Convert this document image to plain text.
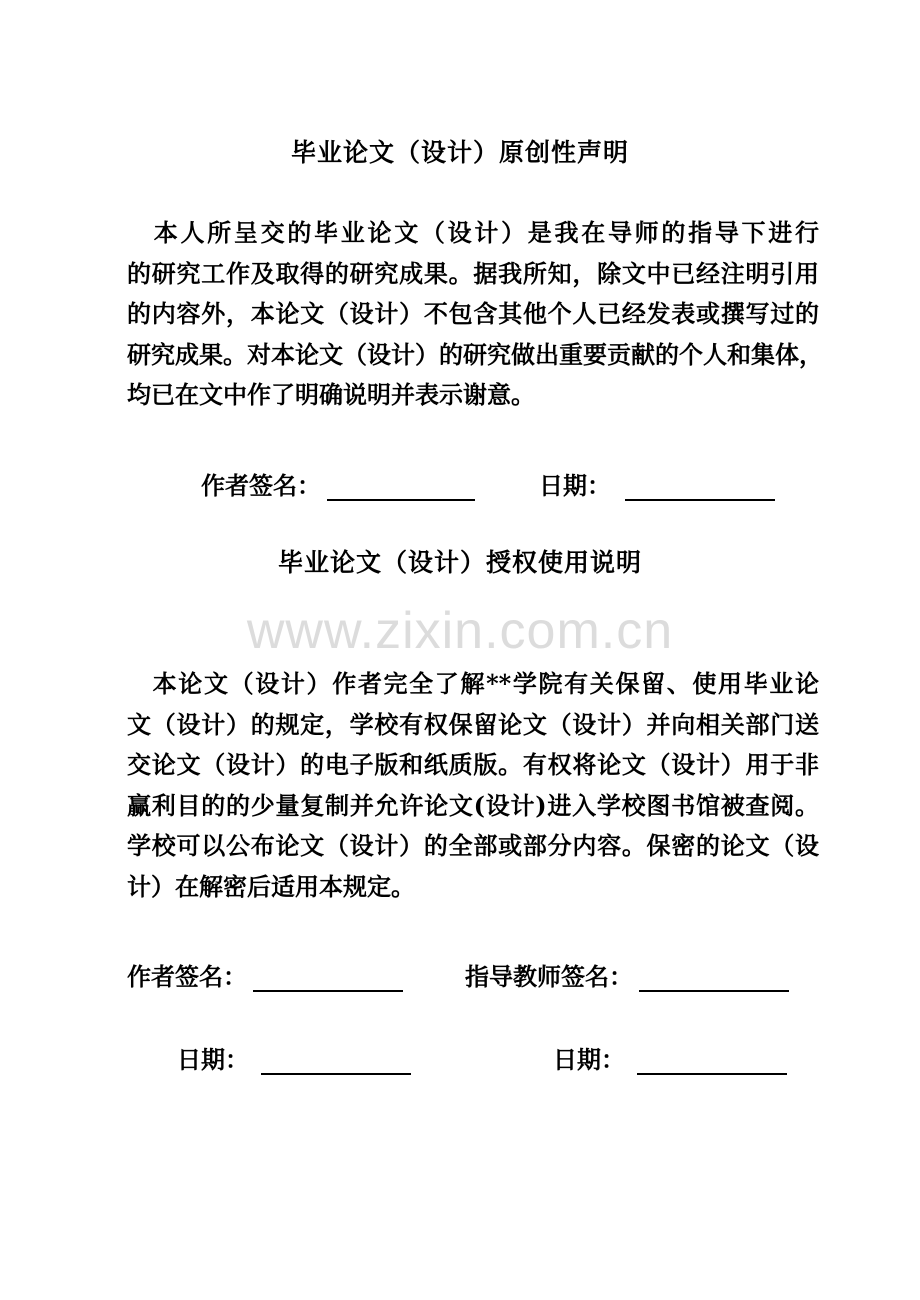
毕业论文（设计）原创性声明
　本人所呈交的毕业论文（设计）是我在导师的指导下进行
的研究工作及取得的研究成果。据我所知，除文中已经注明引用
的内容外，本论文（设计）不包含其他个人已经发表或撰写过的
研究成果。对本论文（设计）的研究做出重要贡献的个人和集体，
均已在文中作了明确说明并表示谢意。
作者签名：	日期：
毕业论文（设计）授权使用说明
www.zixin.com.cn
　本论文（设计）作者完全了解**学院有关保留、使用毕业论
文（设计）的规定，学校有权保留论文（设计）并向相关部门送
交论文（设计）的电子版和纸质版。有权将论文（设计）用于非
赢利目的的少量复制并允许论文(设计)进入学校图书馆被查阅。
学校可以公布论文（设计）的全部或部分内容。保密的论文（设
计）在解密后适用本规定。
作者签名：	指导教师签名：
日期：	日期：
